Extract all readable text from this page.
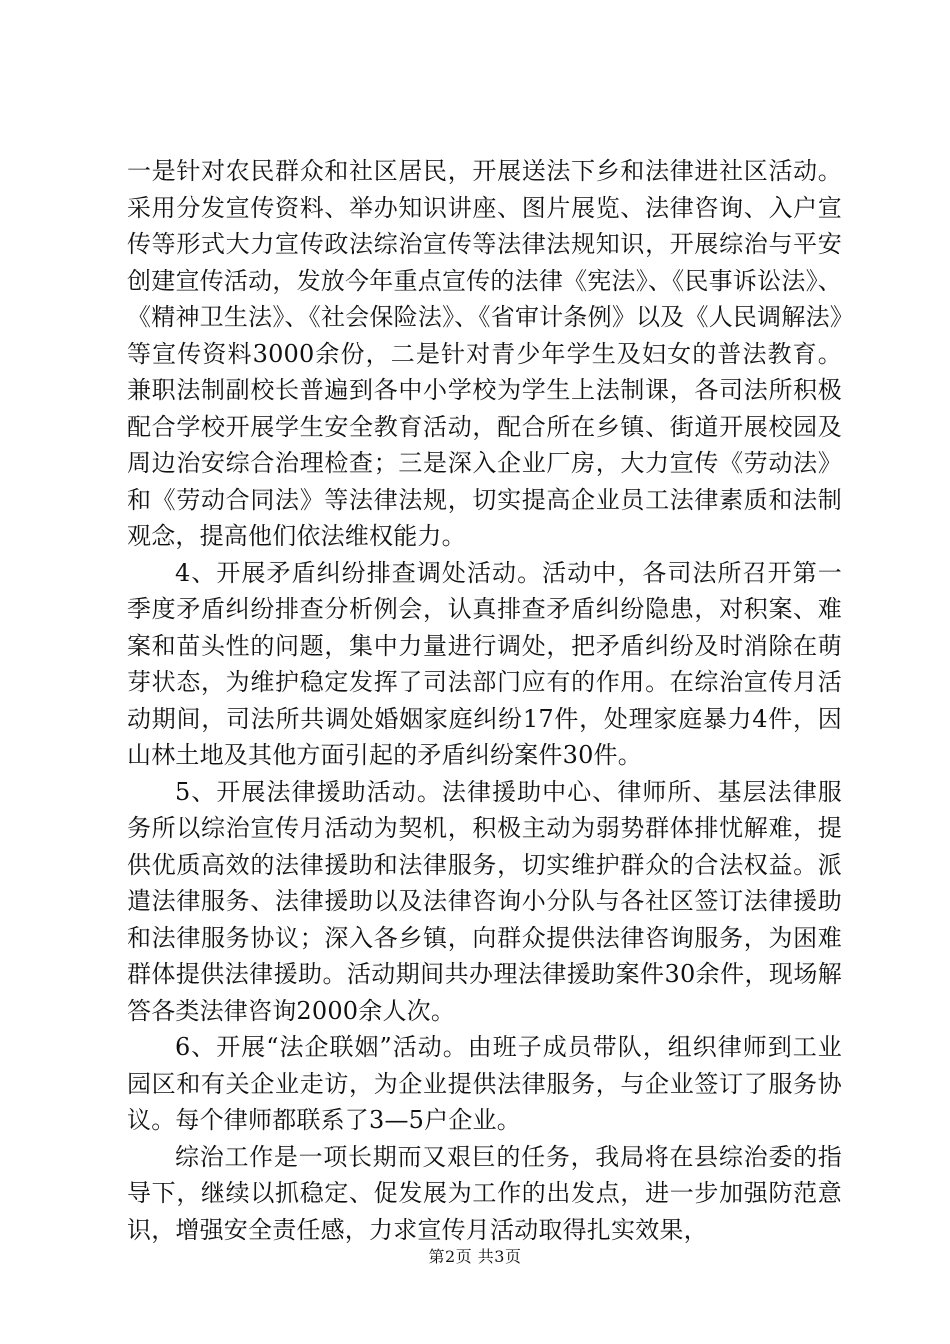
一是针对农民群众和社区居民，开展送法下乡和法律进社区活动。采用分发宣传资料、举办知识讲座、图片展览、法律咨询、入户宣传等形式大力宣传政法综治宣传等法律法规知识，开展综治与平安创建宣传活动，发放今年重点宣传的法律《宪法》、《民事诉讼法》、《精神卫生法》、《社会保险法》、《省审计条例》以及《人民调解法》等宣传资料3000余份，二是针对青少年学生及妇女的普法教育。兼职法制副校长普遍到各中小学校为学生上法制课，各司法所积极配合学校开展学生安全教育活动，配合所在乡镇、街道开展校园及周边治安综合治理检查；三是深入企业厂房，大力宣传《劳动法》和《劳动合同法》等法律法规，切实提高企业员工法律素质和法制观念，提高他们依法维权能力。

4、开展矛盾纠纷排查调处活动。活动中，各司法所召开第一季度矛盾纠纷排查分析例会，认真排查矛盾纠纷隐患，对积案、难案和苗头性的问题，集中力量进行调处，把矛盾纠纷及时消除在萌芽状态，为维护稳定发挥了司法部门应有的作用。在综治宣传月活动期间，司法所共调处婚姻家庭纠纷17件，处理家庭暴力4件，因山林土地及其他方面引起的矛盾纠纷案件30件。

5、开展法律援助活动。法律援助中心、律师所、基层法律服务所以综治宣传月活动为契机，积极主动为弱势群体排忧解难，提供优质高效的法律援助和法律服务，切实维护群众的合法权益。派遣法律服务、法律援助以及法律咨询小分队与各社区签订法律援助和法律服务协议；深入各乡镇，向群众提供法律咨询服务，为困难群体提供法律援助。活动期间共办理法律援助案件30余件，现场解答各类法律咨询2000余人次。

6、开展“法企联姻”活动。由班子成员带队，组织律师到工业园区和有关企业走访，为企业提供法律服务，与企业签订了服务协议。每个律师都联系了3—5户企业。

综治工作是一项长期而又艰巨的任务，我局将在县综治委的指导下，继续以抓稳定、促发展为工作的出发点，进一步加强防范意识，增强安全责任感，力求宣传月活动取得扎实效果，

第2页 共3页
